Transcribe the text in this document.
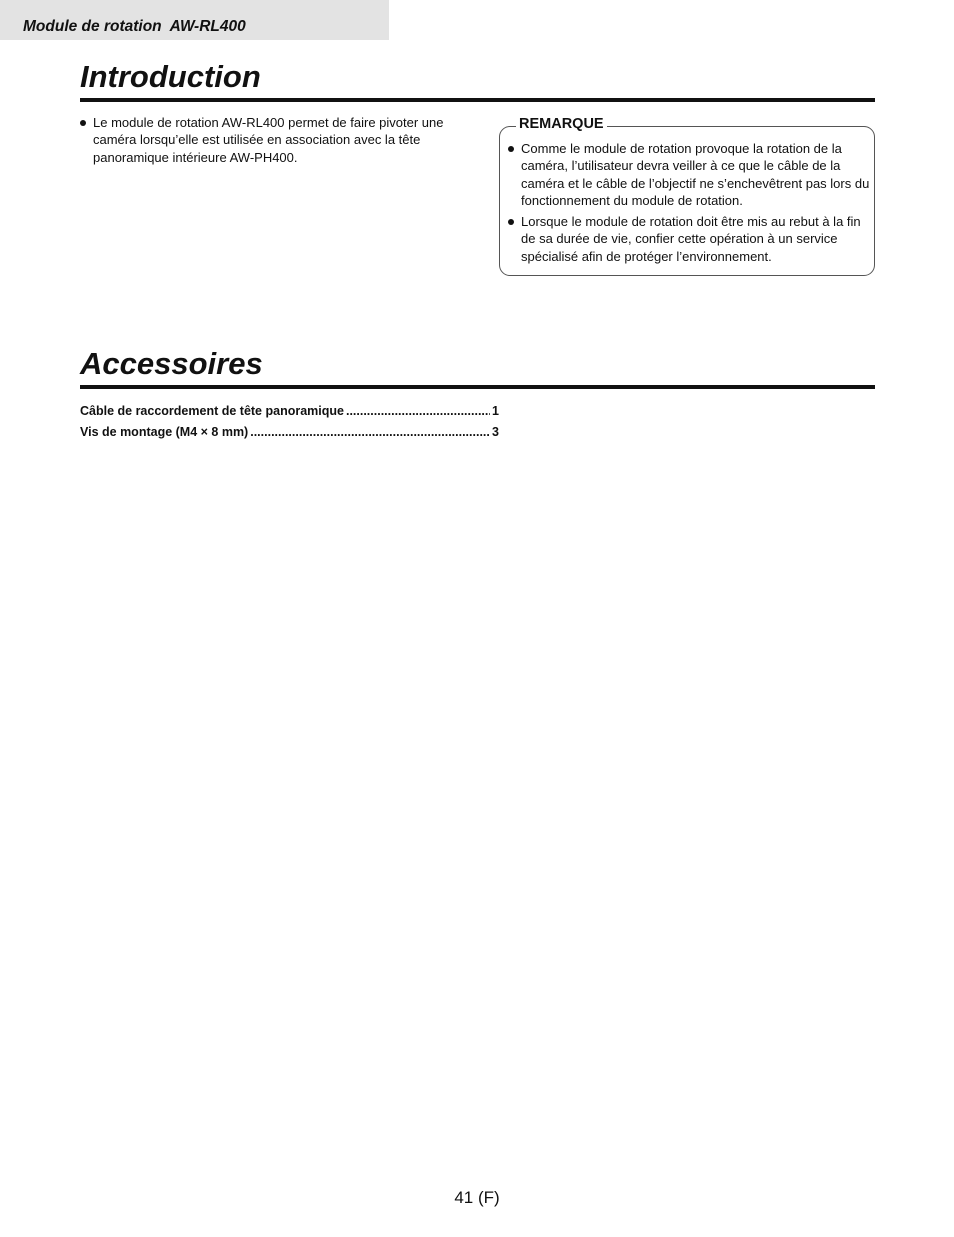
Module de rotation  AW-RL400
Introduction
Le module de rotation AW-RL400 permet de faire pivoter une caméra lorsqu’elle est utilisée en association avec la tête panoramique intérieure AW-PH400.
REMARQUE
Comme le module de rotation provoque la rotation de la caméra, l’utilisateur devra veiller à ce que le câble de la caméra et le câble de l’objectif ne s’enchevêtrent pas lors du fonctionnement du module de rotation.
Lorsque le module de rotation doit être mis au rebut à la fin de sa durée de vie, confier cette opération à un service spécialisé afin de protéger l’environnement.
Accessoires
Câble de raccordement de tête panoramique .....	1
Vis de montage (M4 × 8 mm) .....	3
41 (F)
